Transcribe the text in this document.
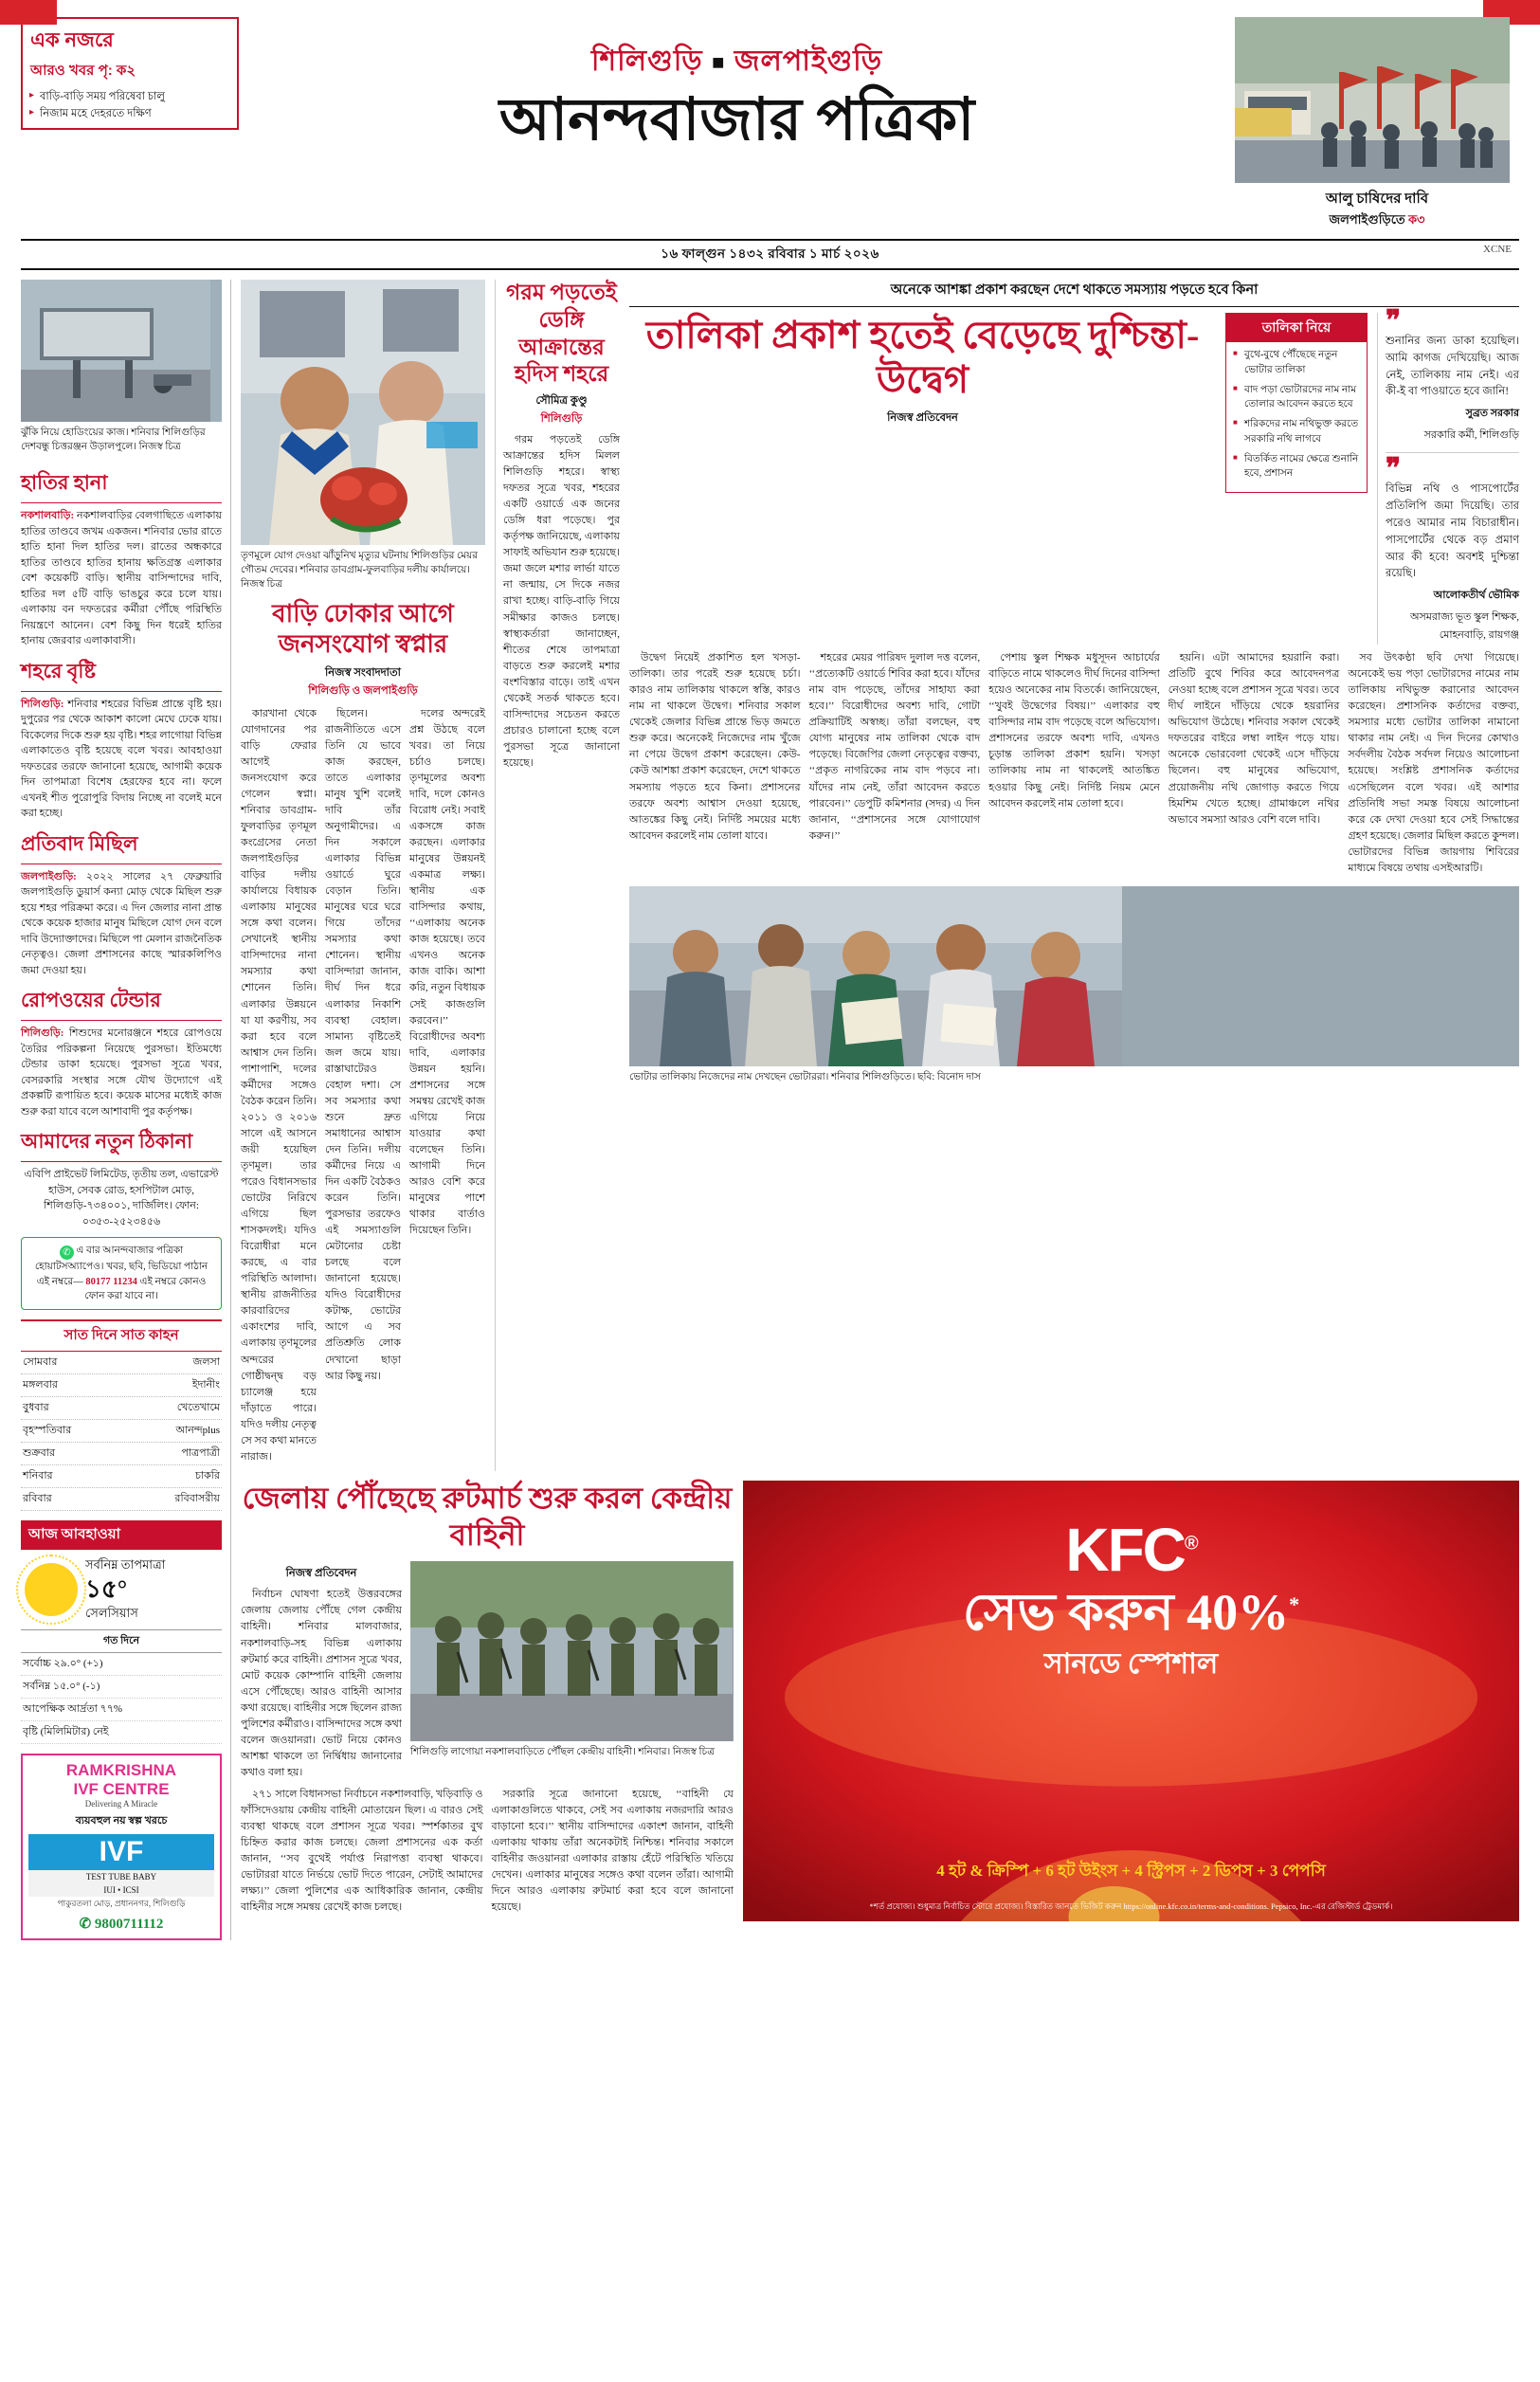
এক নজরে
আরও খবর পৃ: ক২
▸ বাড়ি-বাড়ি সময় পরিষেবা চালু
▸ নিজাম মহে দেহরতে দক্ষিণ
শিলিগুড়ি ■ জলপাইগুড়ি
আনন্দবাজার পত্রিকা
আলু চাষিদের দাবি
জলপাইগুড়িতে ক৩
১৬ ফাল্গুন ১৪৩২ রবিবার ১ মার্চ ২০২৬	XCNE
ঝুঁকি নিয়ে হোডিংয়ের কাজ। শনিবার শিলিগুড়ির দেশবন্ধু চিত্তরঞ্জন উড়ালপুলে। নিজস্ব চিত্র
হাতির হানা
নকশালবাড়ি: নকশালবাড়ির বেলগাছিতে এলাকায় হাতির তাণ্ডবে জখম একজন। শনিবার ভোর রাতে হাতি হানা দিল হাতির দল। রাতের অন্ধকারে হাতির তাণ্ডবে হাতির হানায় ক্ষতিগ্রস্ত এলাকার বেশ কয়েকটি বাড়ি। স্থানীয় বাসিন্দাদের দাবি, হাতির দল ৫টি বাড়ি ভাঙচুর করে চলে যায়। এলাকায় বন দফতরের কর্মীরা পৌঁছে পরিস্থিতি নিয়ন্ত্রণে আনেন। বেশ কিছু দিন ধরেই হাতির হানায় জেরবার এলাকাবাসী।
শহরে বৃষ্টি
শিলিগুড়ি: শনিবার শহরের বিভিন্ন প্রান্তে বৃষ্টি হয়। দুপুরের পর থেকে আকাশ কালো মেঘে ঢেকে যায়। বিকেলের দিকে শুরু হয় বৃষ্টি। শহর লাগোয়া বিভিন্ন এলাকাতেও বৃষ্টি হয়েছে বলে খবর। আবহাওয়া দফতরের তরফে জানানো হয়েছে, আগামী কয়েক দিন তাপমাত্রা বিশেষ হেরফের হবে না। ফলে এখনই শীত পুরোপুরি বিদায় নিচ্ছে না বলেই মনে করা হচ্ছে।
প্রতিবাদ মিছিল
জলপাইগুড়ি: ২০২২ সালের ২৭ ফেব্রুয়ারি জলপাইগুড়ি ডুয়ার্স কন্যা মোড় থেকে মিছিল শুরু হয়ে শহর পরিক্রমা করে। এ দিন জেলার নানা প্রান্ত থেকে কয়েক হাজার মানুষ মিছিলে যোগ দেন বলে দাবি উদ্যোক্তাদের। মিছিলে পা মেলান রাজনৈতিক নেতৃত্বও। জেলা প্রশাসনের কাছে স্মারকলিপিও জমা দেওয়া হয়।
রোপওয়ের টেন্ডার
শিলিগুড়ি: শিশুদের মনোরঞ্জনে শহরে রোপওয়ে তৈরির পরিকল্পনা নিয়েছে পুরসভা। ইতিমধ্যে টেন্ডার ডাকা হয়েছে। পুরসভা সূত্রে খবর, বেসরকারি সংস্থার সঙ্গে যৌথ উদ্যোগে এই প্রকল্পটি রূপায়িত হবে। কয়েক মাসের মধ্যেই কাজ শুরু করা যাবে বলে আশাবাদী পুর কর্তৃপক্ষ।
আমাদের নতুন ঠিকানা
এবিপি প্রাইভেট লিমিটেড, তৃতীয় তল, এভারেস্ট হাউস, সেবক রোড, হসপিটাল মোড়, শিলিগুড়ি-৭৩৪০০১, দার্জিলিং। ফোন: ০৩৫৩-২৫২৩৪৫৬
✆ এ বার আনন্দবাজার পত্রিকা হোয়াটসঅ্যাপেও। খবর, ছবি, ভিডিয়ো পাঠান এই নম্বরে— 80177 11234 এই নম্বরে কোনও ফোন করা যাবে না।
সাত দিনে সাত কাহন
সোমবার	জলসা
মঙ্গলবার	ইদানীং
বুধবার	খেতেখামে
বৃহস্পতিবার	আনন্দplus
শুক্রবার	পাত্রপাত্রী
শনিবার	চাকরি
রবিবার	রবিবাসরীয়
আজ আবহাওয়া
সর্বনিম্ন তাপমাত্রা
১৫°
সেলসিয়াস
গত দিনে
সর্বোচ্চ ২৯.০° (+১)
সর্বনিম্ন ১৫.০° (-১)
আপেক্ষিক আর্দ্রতা ৭৭%
বৃষ্টি (মিলিমিটার) নেই
RAMKRISHNA
IVF CENTRE
Delivering A Miracle
ব্যয়বহুল নয় স্বল্প খরচে
IVF
TEST TUBE BABY
IUI • ICSI
পাকুরতলা মোড়, প্রধাননগর, শিলিগুড়ি
✆ 9800711112
তৃণমূলে যোগ দেওয়া ঝাঁড়ুনিখ মৃত্যুর ঘটনায় শিলিগুড়ির মেয়র গৌতম দেবের। শনিবার ডাবগ্রাম-ফুলবাড়ির দলীয় কার্যালয়ে। নিজস্ব চিত্র
বাড়ি ঢোকার আগে জনসংযোগ স্বপ্নার
নিজস্ব সংবাদদাতা
শিলিগুড়ি ও জলপাইগুড়ি

কারখানা থেকে যোগদানের পর বাড়ি ফেরার আগেই জনসংযোগ করে গেলেন স্বপ্না। শনিবার ডাবগ্রাম-ফুলবাড়ির তৃণমূল কংগ্রেসের নেতা জলপাইগুড়ির বাড়ির দলীয় কার্যালয়ে বিধায়ক এলাকায় মানুষের সঙ্গে কথা বলেন। সেখানেই স্থানীয় বাসিন্দাদের নানা সমস্যার কথা শোনেন তিনি। এলাকার উন্নয়নে যা যা করণীয়, সব করা হবে বলে আশ্বাস দেন তিনি। পাশাপাশি, দলের কর্মীদের সঙ্গেও বৈঠক করেন তিনি। ২০১১ ও ২০১৬ সালে এই আসনে জয়ী হয়েছিল তৃণমূল। তার পরেও বিধানসভার ভোটের নিরিখে এগিয়ে ছিল শাসকদলই। যদিও বিরোধীরা মনে করছে, এ বার পরিস্থিতি আলাদা। স্থানীয় রাজনীতির কারবারিদের একাংশের দাবি, এলাকায় তৃণমূলের অন্দরের গোষ্ঠীদ্বন্দ্ব বড় চ্যালেঞ্জ হয়ে দাঁড়াতে পারে। যদিও দলীয় নেতৃত্ব সে সব কথা মানতে নারাজ।

ছিলেন। রাজনীতিতে এসে তিনি যে ভাবে কাজ করছেন, তাতে এলাকার মানুষ খুশি বলেই দাবি তাঁর অনুগামীদের। এ দিন সকালে এলাকার বিভিন্ন ওয়ার্ডে ঘুরে বেড়ান তিনি। মানুষের ঘরে ঘরে গিয়ে তাঁদের সমস্যার কথা শোনেন। স্থানীয় বাসিন্দারা জানান, দীর্ঘ দিন ধরে এলাকার নিকাশি ব্যবস্থা বেহাল। সামান্য বৃষ্টিতেই জল জমে যায়। রাস্তাঘাটেরও বেহাল দশা। সে সব সমস্যার কথা শুনে দ্রুত সমাধানের আশ্বাস দেন তিনি। দলীয় কর্মীদের নিয়ে এ দিন একটি বৈঠকও করেন তিনি। পুরসভার তরফেও এই সমস্যাগুলি মেটানোর চেষ্টা চলছে বলে জানানো হয়েছে। যদিও বিরোধীদের কটাক্ষ, ভোটের আগে এ সব প্রতিশ্রুতি লোক দেখানো ছাড়া আর কিছু নয়।

দলের অন্দরেই প্রশ্ন উঠছে বলে খবর। তা নিয়ে চর্চাও চলছে। তৃণমূলের অবশ্য দাবি, দলে কোনও বিরোধ নেই। সবাই একসঙ্গে কাজ করছেন। এলাকার মানুষের উন্নয়নই একমাত্র লক্ষ্য। স্থানীয় এক বাসিন্দার কথায়, ‘‘এলাকায় অনেক কাজ হয়েছে। তবে এখনও অনেক কাজ বাকি। আশা করি, নতুন বিধায়ক সেই কাজগুলি করবেন।’’ বিরোধীদের অবশ্য দাবি, এলাকার উন্নয়ন হয়নি। প্রশাসনের সঙ্গে সমন্বয় রেখেই কাজ এগিয়ে নিয়ে যাওয়ার কথা বলেছেন তিনি। আগামী দিনে আরও বেশি করে মানুষের পাশে থাকার বার্তাও দিয়েছেন তিনি।

গরম পড়তেই ডেঙ্গি আক্রান্তের হদিস শহরে
সৌমিত্র কুণ্ডু
শিলিগুড়ি

গরম পড়তেই ডেঙ্গি আক্রান্তের হদিস মিলল শিলিগুড়ি শহরে। স্বাস্থ্য দফতর সূত্রে খবর, শহরের একটি ওয়ার্ডে এক জনের ডেঙ্গি ধরা পড়েছে। পুর কর্তৃপক্ষ জানিয়েছে, এলাকায় সাফাই অভিযান শুরু হয়েছে। জমা জলে মশার লার্ভা যাতে না জন্মায়, সে দিকে নজর রাখা হচ্ছে। বাড়ি-বাড়ি গিয়ে সমীক্ষার কাজও চলছে। স্বাস্থ্যকর্তারা জানাচ্ছেন, শীতের শেষে তাপমাত্রা বাড়তে শুরু করলেই মশার বংশবিস্তার বাড়ে। তাই এখন থেকেই সতর্ক থাকতে হবে। বাসিন্দাদের সচেতন করতে প্রচারও চালানো হচ্ছে বলে পুরসভা সূত্রে জানানো হয়েছে।

অনেকে আশঙ্কা প্রকাশ করছেন দেশে থাকতে সমস্যায় পড়তে হবে কিনা
তালিকা প্রকাশ হতেই বেড়েছে দুশ্চিন্তা-উদ্বেগ
নিজস্ব প্রতিবেদন
তালিকা নিয়ে
■ বুথে-বুথে পৌঁছেছে নতুন ভোটার তালিকা
■ বাদ পড়া ভোটারদের নাম নাম তোলার আবেদন করতে হবে
■ শরিকদের নাম নথিভুক্ত করতে সরকারি নথি লাগবে
■ বিতর্কিত নামের ক্ষেত্রে শুনানি হবে, প্রশাসন
❞
শুনানির জন্য ডাকা হয়েছিল। আমি কাগজ দেখিয়েছি। আজ নেই, তালিকায় নাম নেই। এর কী-ই বা পাওয়াতে হবে জানি!
সুব্রত সরকার
সরকারি কর্মী, শিলিগুড়ি
❞
বিভিন্ন নথি ও পাসপোর্টের প্রতিলিপি জমা দিয়েছি। তার পরেও আমার নাম বিচারাধীন। পাসপোর্টের থেকে বড় প্রমাণ আর কী হবে! অবশই দুশ্চিন্তা রয়েছি।
আলোকতীর্থ ভৌমিক
অসমরাজ্য ভূত স্কুল শিক্ষক, মোহনবাড়ি, রায়গঞ্জ

উদ্বেগ নিয়েই প্রকাশিত হল খসড়া-তালিকা। তার পরেই শুরু হয়েছে চর্চা। কারও নাম তালিকায় থাকলে স্বস্তি, কারও নাম না থাকলে উদ্বেগ। শনিবার সকাল থেকেই জেলার বিভিন্ন প্রান্তে ভিড় জমতে শুরু করে। অনেকেই নিজেদের নাম খুঁজে না পেয়ে উদ্বেগ প্রকাশ করেছেন। কেউ-কেউ আশঙ্কা প্রকাশ করেছেন, দেশে থাকতে সমস্যায় পড়তে হবে কিনা। প্রশাসনের তরফে অবশ্য আশ্বাস দেওয়া হয়েছে, আতঙ্কের কিছু নেই। নির্দিষ্ট সময়ের মধ্যে আবেদন করলেই নাম তোলা যাবে।

শহরের মেয়র পারিষদ দুলাল দত্ত বলেন, ‘‘প্রত্যেকটি ওয়ার্ডে শিবির করা হবে। যাঁদের নাম বাদ পড়েছে, তাঁদের সাহায্য করা হবে।’’ বিরোধীদের অবশ্য দাবি, গোটা প্রক্রিয়াটিই অস্বচ্ছ। তাঁরা বলছেন, বহু যোগ্য মানুষের নাম তালিকা থেকে বাদ পড়েছে। বিজেপির জেলা নেতৃত্বের বক্তব্য, ‘‘প্রকৃত নাগরিকের নাম বাদ পড়বে না। যাঁদের নাম নেই, তাঁরা আবেদন করতে পারবেন।’’ ডেপুটি কমিশনার (সদর) এ দিন জানান, ‘‘প্রশাসনের সঙ্গে যোগাযোগ করুন।’’

পেশায় স্কুল শিক্ষক মধুসূদন আচার্যের বাড়িতে নামে থাকলেও দীর্ঘ দিনের বাসিন্দা হয়েও অনেকের নাম বিতর্কে। জানিয়েছেন, ‘‘খুবই উদ্বেগের বিষয়।’’ এলাকার বহু বাসিন্দার নাম বাদ পড়েছে বলে অভিযোগ। প্রশাসনের তরফে অবশ্য দাবি, এখনও চূড়ান্ত তালিকা প্রকাশ হয়নি। খসড়া তালিকায় নাম না থাকলেই আতঙ্কিত হওয়ার কিছু নেই। নির্দিষ্ট নিয়ম মেনে আবেদন করলেই নাম তোলা হবে।

হয়নি। এটা আমাদের হয়রানি করা। প্রতিটি বুথে শিবির করে আবেদনপত্র নেওয়া হচ্ছে বলে প্রশাসন সূত্রে খবর। তবে দীর্ঘ লাইনে দাঁড়িয়ে থেকে হয়রানির অভিযোগ উঠেছে। শনিবার সকাল থেকেই দফতরের বাইরে লম্বা লাইন পড়ে যায়। অনেকে ভোরবেলা থেকেই এসে দাঁড়িয়ে ছিলেন। বহু মানুষের অভিযোগ, প্রয়োজনীয় নথি জোগাড় করতে গিয়ে হিমশিম খেতে হচ্ছে। গ্রামাঞ্চলে নথির অভাবে সমস্যা আরও বেশি বলে দাবি।

সব উৎকণ্ঠা ছবি দেখা গিয়েছে। অনেকেই ভয় পড়া ভোটারদের নামের নাম তালিকায় নথিভুক্ত করানোর আবেদন করেছেন। প্রশাসনিক কর্তাদের বক্তব্য, সমস্যার মধ্যে ভোটার তালিকা নামানো থাকার নাম নেই। এ দিন দিনের কোথাও সর্বদলীয় বৈঠক সর্বদল নিয়েও আলোচনা হয়েছে। সংশ্লিষ্ট প্রশাসনিক কর্তাদের এসেছিলেন বলে খবর। এই আশার প্রতিনিধি সভা সমস্ত বিষয়ে আলোচনা করে কে দেখা দেওয়া হবে সেই সিদ্ধান্তের গ্রহণ হয়েছে। জেলার মিছিল করতে কুন্দল। ভোটারদের বিভিন্ন জায়গায় শিবিরের মাধ্যমে বিষয়ে তথায় এসইআরটি।

ভোটার তালিকায় নিজেদের নাম দেখছেন ভোটাররা। শনিবার শিলিগুড়িতে। ছবি: বিনোদ দাস
জেলায় পৌঁছেছে রুটমার্চ শুরু করল কেন্দ্রীয় বাহিনী
নিজস্ব প্রতিবেদন

নির্বাচন ঘোষণা হতেই উত্তরবঙ্গের জেলায় জেলায় পৌঁছে গেল কেন্দ্রীয় বাহিনী। শনিবার মালবাজার, নকশালবাড়ি-সহ বিভিন্ন এলাকায় রুটমার্চ করে বাহিনী। প্রশাসন সূত্রে খবর, মোট কয়েক কোম্পানি বাহিনী জেলায় এসে পৌঁছেছে। আরও বাহিনী আসার কথা রয়েছে। বাহিনীর সঙ্গে ছিলেন রাজ্য পুলিশের কর্মীরাও। বাসিন্দাদের সঙ্গে কথা বলেন জওয়ানরা। ভোট নিয়ে কোনও আশঙ্কা থাকলে তা নির্দ্বিধায় জানানোর কথাও বলা হয়।

শিলিগুড়ি লাগোয়া নকশালবাড়িতে পৌঁছল কেন্দ্রীয় বাহিনী। শনিবার। নিজস্ব চিত্র

২৭১ সালে বিধানসভা নির্বাচনে নকশালবাড়ি, খড়িবাড়ি ও ফাঁসিদেওয়ায় কেন্দ্রীয় বাহিনী মোতায়েন ছিল। এ বারও সেই ব্যবস্থা থাকছে বলে প্রশাসন সূত্রে খবর। স্পর্শকাতর বুথ চিহ্নিত করার কাজ চলছে। জেলা প্রশাসনের এক কর্তা জানান, ‘‘সব বুথেই পর্যাপ্ত নিরাপত্তা ব্যবস্থা থাকবে। ভোটাররা যাতে নির্ভয়ে ভোট দিতে পারেন, সেটাই আমাদের লক্ষ্য।’’ জেলা পুলিশের এক আধিকারিক জানান, কেন্দ্রীয় বাহিনীর সঙ্গে সমন্বয় রেখেই কাজ চলছে।

সরকারি সূত্রে জানানো হয়েছে, ‘‘বাহিনী যে এলাকাগুলিতে থাকবে, সেই সব এলাকায় নজরদারি আরও বাড়ানো হবে।’’ স্থানীয় বাসিন্দাদের একাংশ জানান, বাহিনী এলাকায় থাকায় তাঁরা অনেকটাই নিশ্চিন্ত। শনিবার সকালে বাহিনীর জওয়ানরা এলাকার রাস্তায় হেঁটে পরিস্থিতি খতিয়ে দেখেন। এলাকার মানুষের সঙ্গেও কথা বলেন তাঁরা। আগামী দিনে আরও এলাকায় রুটমার্চ করা হবে বলে জানানো হয়েছে।

KFC®
সেভ করুন 40%*
সানডে স্পেশাল
4 হট & ক্রিস্পি + 6 হট উইংস + 4 স্ট্রিপস + 2 ডিপস + 3 পেপসি
*শর্ত প্রযোজ্য। শুধুমাত্র নির্বাচিত স্টোরে প্রযোজ্য। বিস্তারিত জানতে ভিজিট করুন https://online.kfc.co.in/terms-and-conditions. Pepsico, Inc.-এর রেজিস্টার্ড ট্রেডমার্ক।
